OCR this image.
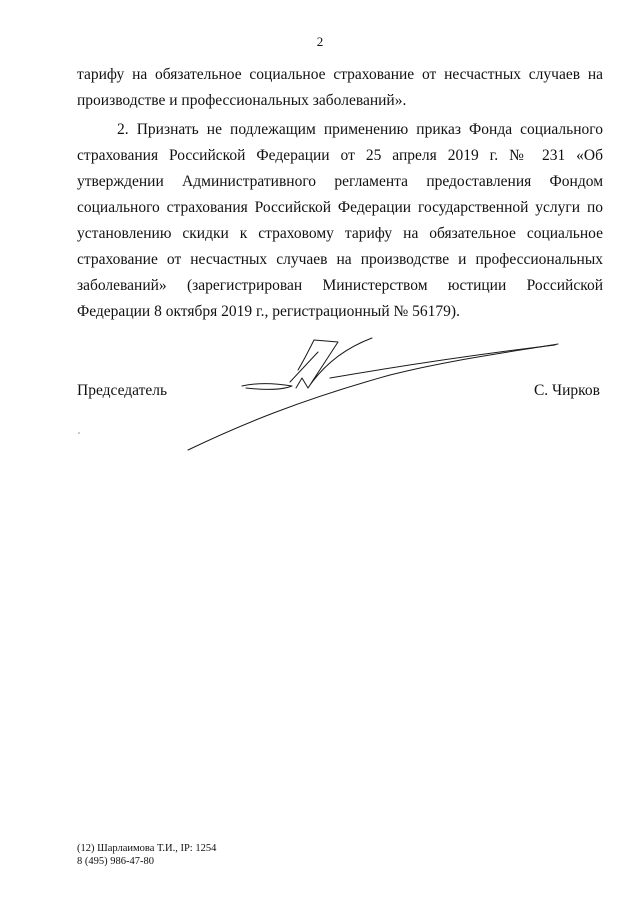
2

тарифу на обязательное социальное страхование от несчастных случаев на производстве и профессиональных заболеваний».

2. Признать не подлежащим применению приказ Фонда социального страхования Российской Федерации от 25 апреля 2019 г. № 231 «Об утверждении Административного регламента предоставления Фондом социального страхования Российской Федерации государственной услуги по установлению скидки к страховому тарифу на обязательное социальное страхование от несчастных случаев на производстве и профессиональных заболеваний» (зарегистрирован Министерством юстиции Российской Федерации 8 октября 2019 г., регистрационный № 56179).

Председатель	С. Чирков
(12) Шарлаимова Т.И., IP: 1254
8 (495) 986-47-80
